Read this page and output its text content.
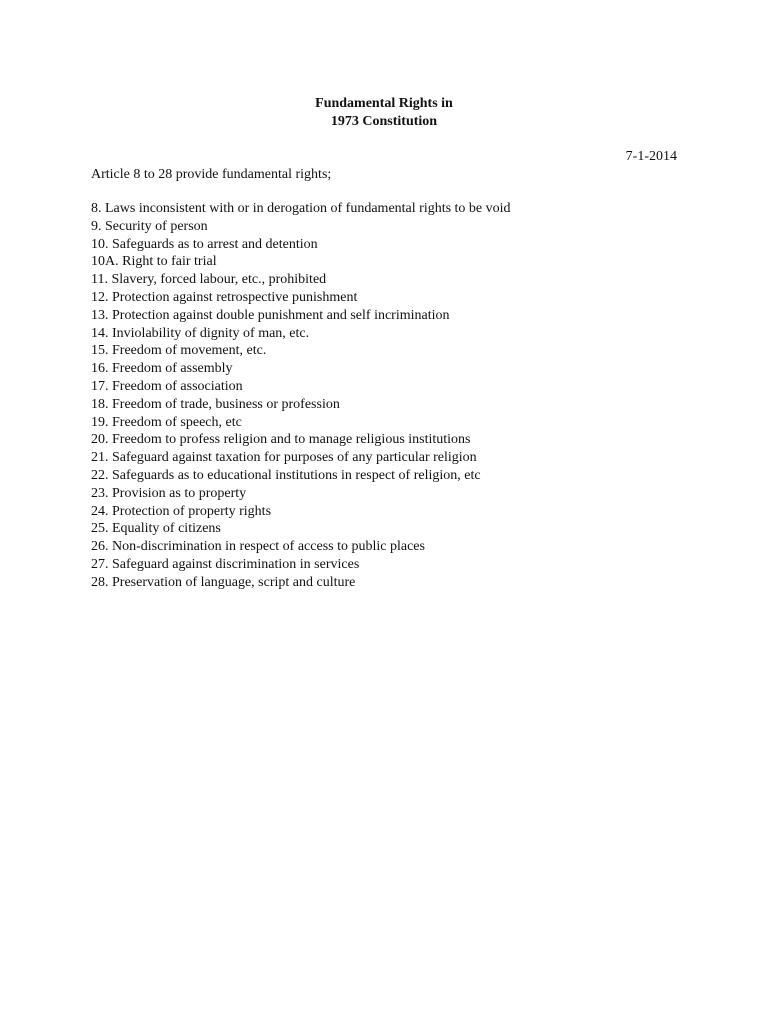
Fundamental Rights in
1973 Constitution
7-1-2014
Article 8 to 28 provide fundamental rights;
8. Laws inconsistent with or in derogation of fundamental rights to be void
9. Security of person
10. Safeguards as to arrest and detention
10A. Right to fair trial
11. Slavery, forced labour, etc., prohibited
12. Protection against retrospective punishment
13. Protection against double punishment and self incrimination
14. Inviolability of dignity of man, etc.
15. Freedom of movement, etc.
16. Freedom of assembly
17. Freedom of association
18. Freedom of trade, business or profession
19. Freedom of speech, etc
20. Freedom to profess religion and to manage religious institutions
21. Safeguard against taxation for purposes of any particular religion
22. Safeguards as to educational institutions in respect of religion, etc
23. Provision as to property
24. Protection of property rights
25. Equality of citizens
26. Non-discrimination in respect of access to public places
27. Safeguard against discrimination in services
28. Preservation of language, script and culture
